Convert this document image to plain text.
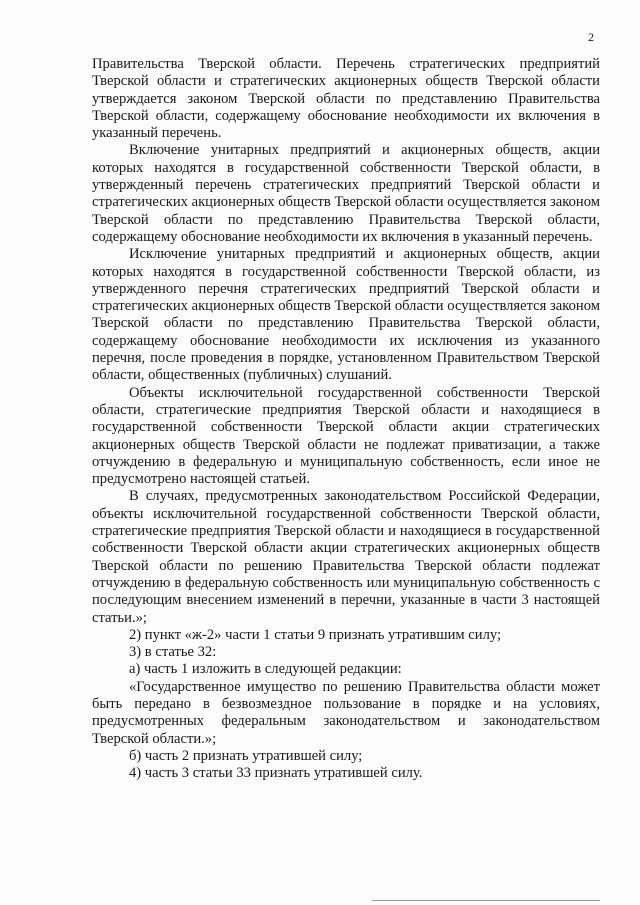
2

Правительства Тверской области. Перечень стратегических предприятий Тверской области и стратегических акционерных обществ Тверской области утверждается законом Тверской области по представлению Правительства Тверской области, содержащему обоснование необходимости их включения в указанный перечень.

Включение унитарных предприятий и акционерных обществ, акции которых находятся в государственной собственности Тверской области, в утвержденный перечень стратегических предприятий Тверской области и стратегических акционерных обществ Тверской области осуществляется законом Тверской области по представлению Правительства Тверской области, содержащему обоснование необходимости их включения в указанный перечень.

Исключение унитарных предприятий и акционерных обществ, акции которых находятся в государственной собственности Тверской области, из утвержденного перечня стратегических предприятий Тверской области и стратегических акционерных обществ Тверской области осуществляется законом Тверской области по представлению Правительства Тверской области, содержащему обоснование необходимости их исключения из указанного перечня, после проведения в порядке, установленном Правительством Тверской области, общественных (публичных) слушаний.

Объекты исключительной государственной собственности Тверской области, стратегические предприятия Тверской области и находящиеся в государственной собственности Тверской области акции стратегических акционерных обществ Тверской области не подлежат приватизации, а также отчуждению в федеральную и муниципальную собственность, если иное не предусмотрено настоящей статьей.

В случаях, предусмотренных законодательством Российской Федерации, объекты исключительной государственной собственности Тверской области, стратегические предприятия Тверской области и находящиеся в государственной собственности Тверской области акции стратегических акционерных обществ Тверской области по решению Правительства Тверской области подлежат отчуждению в федеральную собственность или муниципальную собственность с последующим внесением изменений в перечни, указанные в части 3 настоящей статьи.»;

2) пункт «ж-2» части 1 статьи 9 признать утратившим силу;

3) в статье 32:

а) часть 1 изложить в следующей редакции:

«Государственное имущество по решению Правительства области может быть передано в безвозмездное пользование в порядке и на условиях, предусмотренных федеральным законодательством и законодательством Тверской области.»;

б) часть 2 признать утратившей силу;

4) часть 3 статьи 33 признать утратившей силу.
